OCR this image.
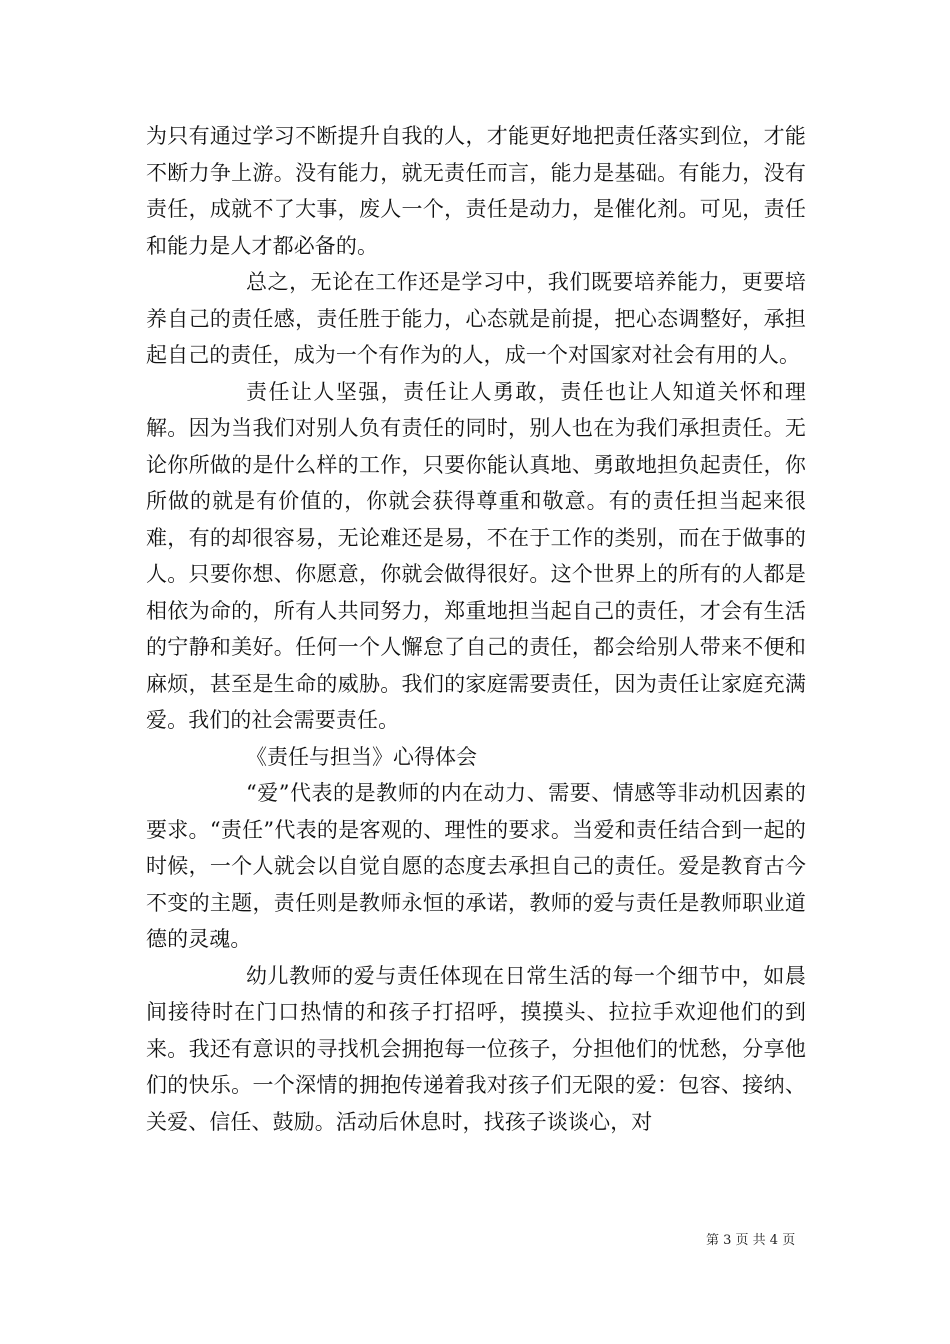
为只有通过学习不断提升自我的人，才能更好地把责任落实到位，才能不断力争上游。没有能力，就无责任而言，能力是基础。有能力，没有责任，成就不了大事，废人一个，责任是动力，是催化剂。可见，责任和能力是人才都必备的。

总之，无论在工作还是学习中，我们既要培养能力，更要培养自己的责任感，责任胜于能力，心态就是前提，把心态调整好，承担起自己的责任，成为一个有作为的人，成一个对国家对社会有用的人。

责任让人坚强，责任让人勇敢，责任也让人知道关怀和理解。因为当我们对别人负有责任的同时，别人也在为我们承担责任。无论你所做的是什么样的工作，只要你能认真地、勇敢地担负起责任，你所做的就是有价值的，你就会获得尊重和敬意。有的责任担当起来很难，有的却很容易，无论难还是易，不在于工作的类别，而在于做事的人。只要你想、你愿意，你就会做得很好。这个世界上的所有的人都是相依为命的，所有人共同努力，郑重地担当起自己的责任，才会有生活的宁静和美好。任何一个人懈怠了自己的责任，都会给别人带来不便和麻烦，甚至是生命的威胁。我们的家庭需要责任，因为责任让家庭充满爱。我们的社会需要责任。

《责任与担当》心得体会

“爱”代表的是教师的内在动力、需要、情感等非动机因素的要求。“责任”代表的是客观的、理性的要求。当爱和责任结合到一起的时候，一个人就会以自觉自愿的态度去承担自己的责任。爱是教育古今不变的主题，责任则是教师永恒的承诺，教师的爱与责任是教师职业道德的灵魂。

幼儿教师的爱与责任体现在日常生活的每一个细节中，如晨间接待时在门口热情的和孩子打招呼，摸摸头、拉拉手欢迎他们的到来。我还有意识的寻找机会拥抱每一位孩子，分担他们的忧愁，分享他们的快乐。一个深情的拥抱传递着我对孩子们无限的爱：包容、接纳、关爱、信任、鼓励。活动后休息时，找孩子谈谈心，对

第 3 页 共 4 页
